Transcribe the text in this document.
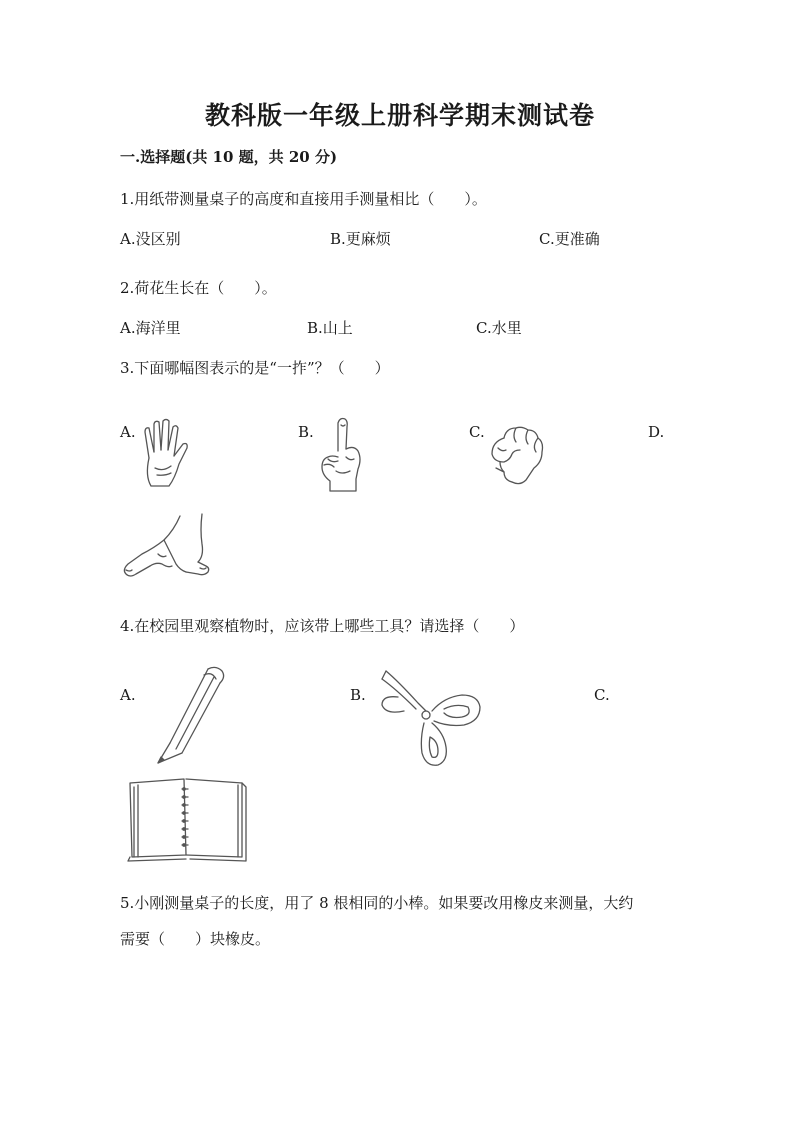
教科版一年级上册科学期末测试卷
一.选择题(共 10 题，共 20 分)
1.用纸带测量桌子的高度和直接用手测量相比（　　）。
A.没区别	B.更麻烦	C.更准确
2.荷花生长在（　　）。
A.海洋里	B.山上	C.水里
3.下面哪幅图表示的是“一拃”？（　　）
A.	B.	C.	D.
4.在校园里观察植物时，应该带上哪些工具？请选择（　　）
A.	B.	C.
5.小刚测量桌子的长度，用了 8 根相同的小棒。如果要改用橡皮来测量，大约
需要（　　）块橡皮。
